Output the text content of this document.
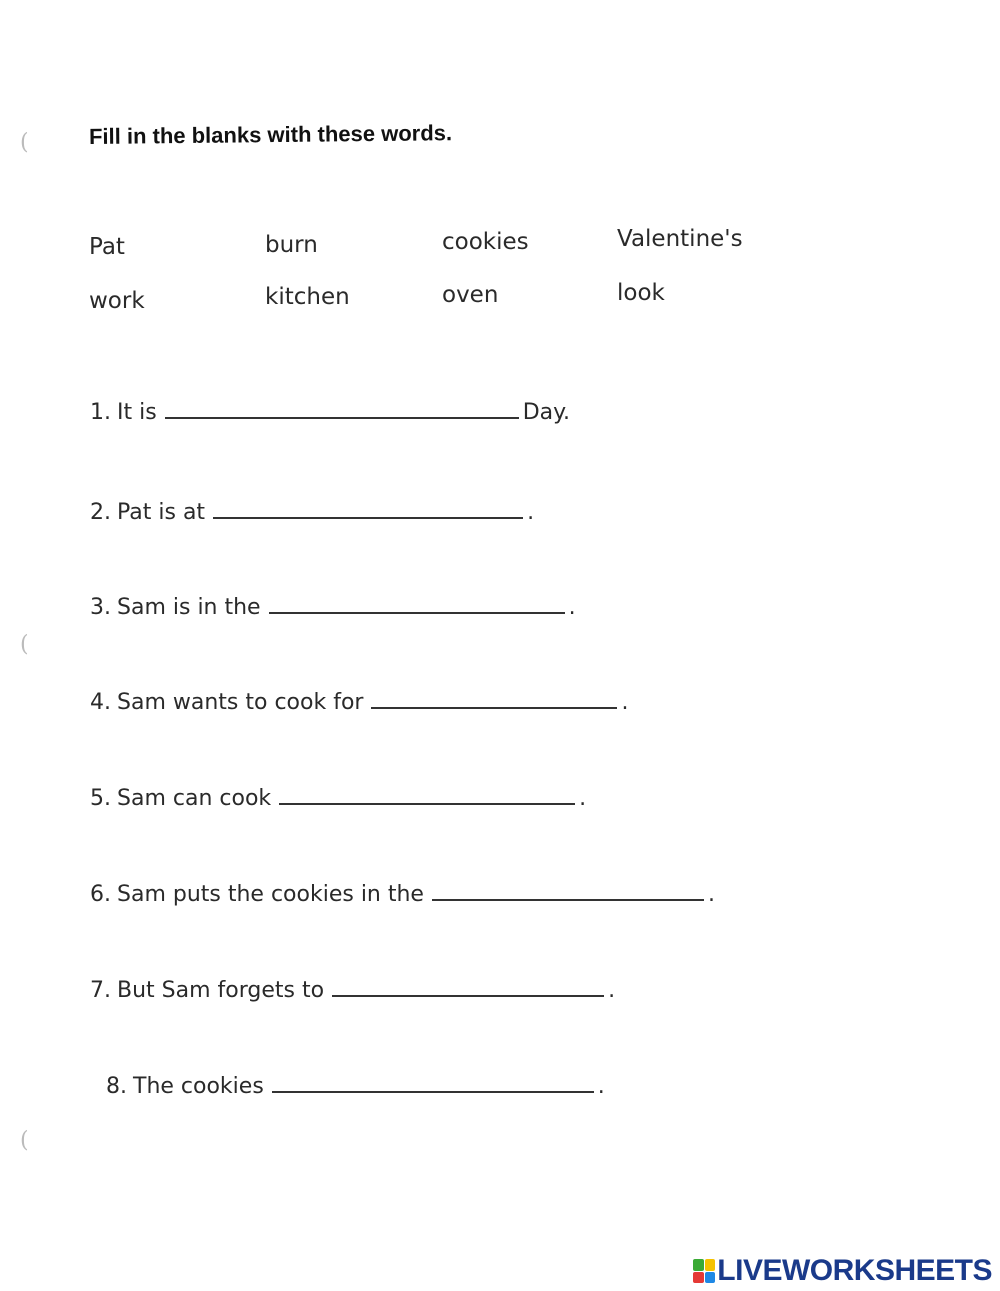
(
(
(
Fill in the blanks with these words.
Pat	burn	cookies	Valentine's
work	kitchen	oven	look
1. It is	Day.
2. Pat is at	.
3. Sam is in the	.
4. Sam wants to cook for	.
5. Sam can cook	.
6. Sam puts the cookies in the	.
7. But Sam forgets to	.
8. The cookies	.
LIVEWORKSHEETS
